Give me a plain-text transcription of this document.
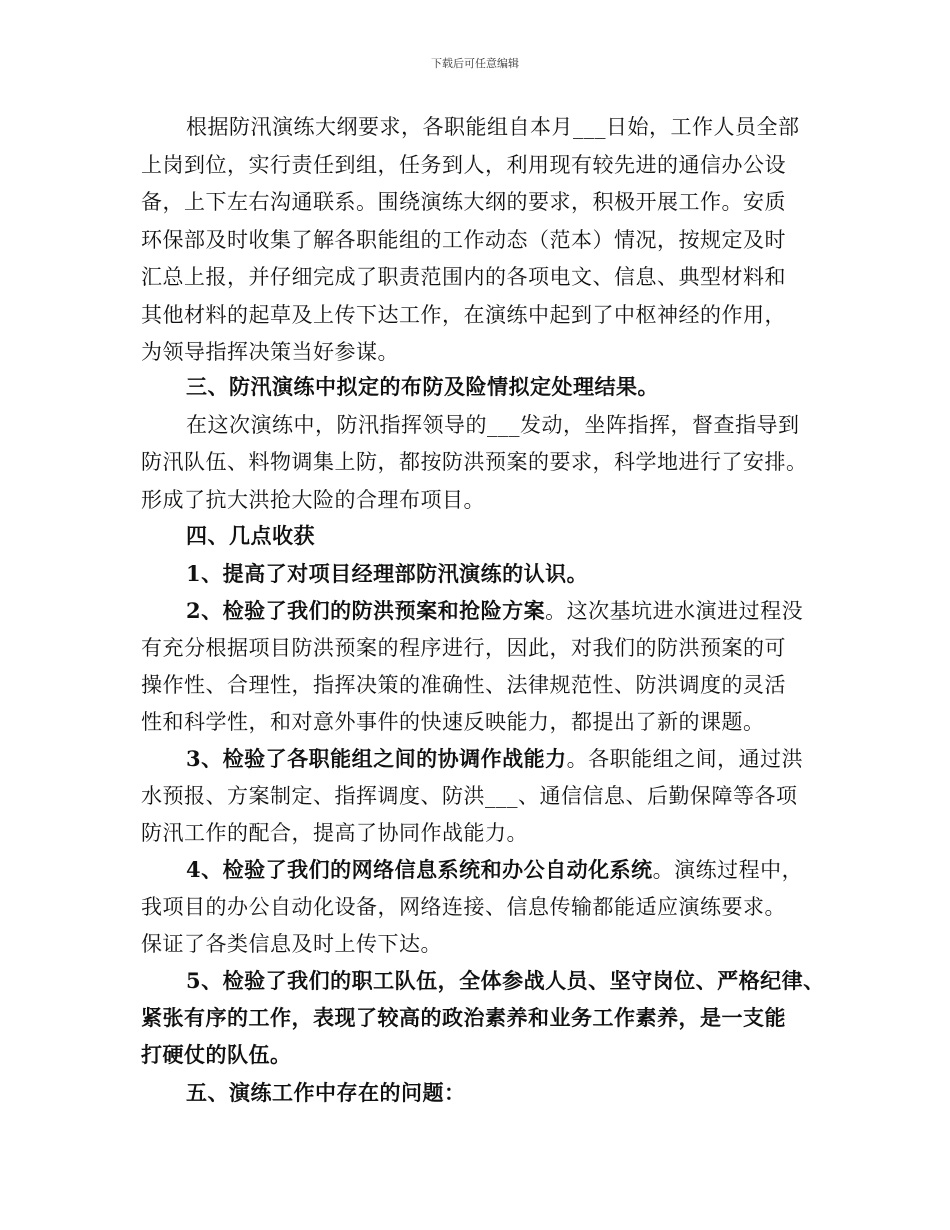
下载后可任意编辑
根据防汛演练大纲要求，各职能组自本月___日始，工作人员全部
上岗到位，实行责任到组，任务到人，利用现有较先进的通信办公设
备，上下左右沟通联系。围绕演练大纲的要求，积极开展工作。安质
环保部及时收集了解各职能组的工作动态（范本）情况，按规定及时
汇总上报，并仔细完成了职责范围内的各项电文、信息、典型材料和
其他材料的起草及上传下达工作，在演练中起到了中枢神经的作用，
为领导指挥决策当好参谋。
三、防汛演练中拟定的布防及险情拟定处理结果。
在这次演练中，防汛指挥领导的___发动，坐阵指挥，督查指导到
防汛队伍、料物调集上防，都按防洪预案的要求，科学地进行了安排。
形成了抗大洪抢大险的合理布项目。
四、几点收获
1、提高了对项目经理部防汛演练的认识。
2、检验了我们的防洪预案和抢险方案。这次基坑进水演进过程没
有充分根据项目防洪预案的程序进行，因此，对我们的防洪预案的可
操作性、合理性，指挥决策的准确性、法律规范性、防洪调度的灵活
性和科学性，和对意外事件的快速反映能力，都提出了新的课题。
3、检验了各职能组之间的协调作战能力。各职能组之间，通过洪
水预报、方案制定、指挥调度、防洪___、通信信息、后勤保障等各项
防汛工作的配合，提高了协同作战能力。
4、检验了我们的网络信息系统和办公自动化系统。演练过程中，
我项目的办公自动化设备，网络连接、信息传输都能适应演练要求。
保证了各类信息及时上传下达。
5、检验了我们的职工队伍，全体参战人员、坚守岗位、严格纪律、
紧张有序的工作，表现了较高的政治素养和业务工作素养，是一支能
打硬仗的队伍。
五、演练工作中存在的问题：
